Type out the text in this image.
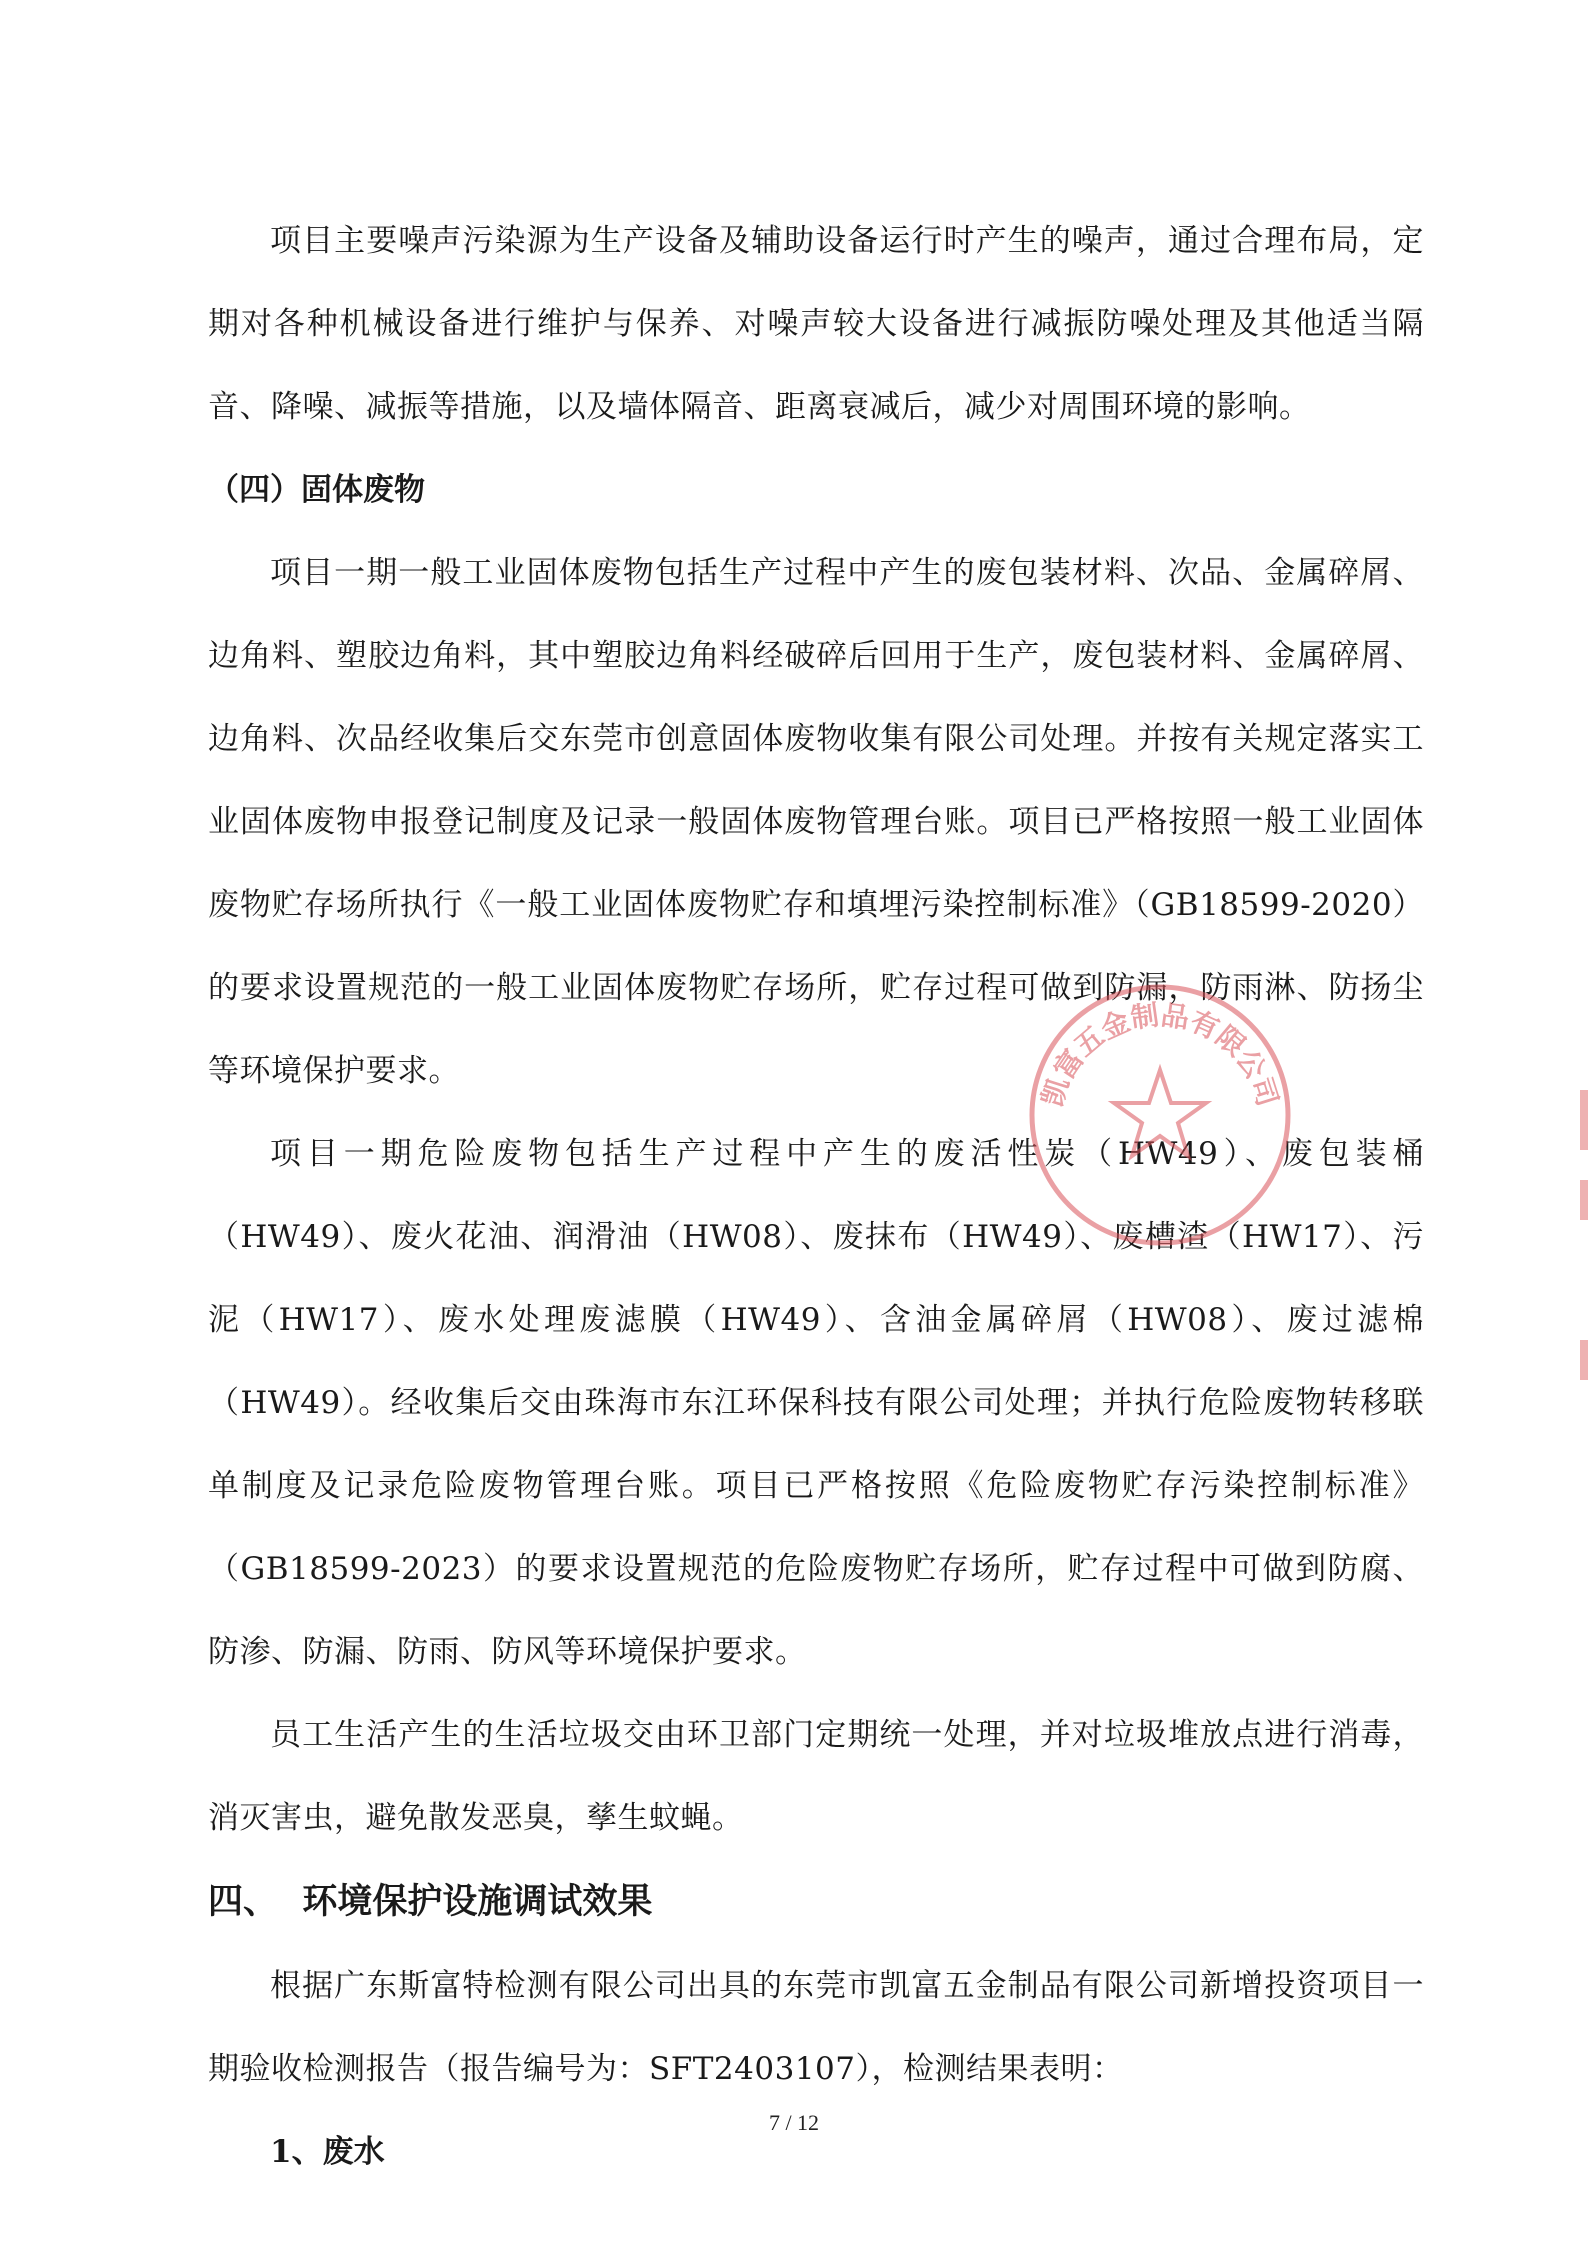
项目主要噪声污染源为生产设备及辅助设备运行时产生的噪声，通过合理布局，定期对各种机械设备进行维护与保养、对噪声较大设备进行减振防噪处理及其他适当隔音、降噪、减振等措施，以及墙体隔音、距离衰减后，减少对周围环境的影响。

（四）固体废物

项目一期一般工业固体废物包括生产过程中产生的废包装材料、次品、金属碎屑、边角料、塑胶边角料，其中塑胶边角料经破碎后回用于生产，废包装材料、金属碎屑、边角料、次品经收集后交东莞市创意固体废物收集有限公司处理。并按有关规定落实工业固体废物申报登记制度及记录一般固体废物管理台账。项目已严格按照一般工业固体废物贮存场所执行《一般工业固体废物贮存和填埋污染控制标准》（GB18599-2020）的要求设置规范的一般工业固体废物贮存场所，贮存过程可做到防漏，防雨淋、防扬尘等环境保护要求。

项目一期危险废物包括生产过程中产生的废活性炭（HW49）、废包装桶（HW49）、废火花油、润滑油（HW08）、废抹布（HW49）、废槽渣（HW17）、污泥（HW17）、废水处理废滤膜（HW49）、含油金属碎屑（HW08）、废过滤棉（HW49）。经收集后交由珠海市东江环保科技有限公司处理；并执行危险废物转移联单制度及记录危险废物管理台账。项目已严格按照《危险废物贮存污染控制标准》（GB18599-2023）的要求设置规范的危险废物贮存场所，贮存过程中可做到防腐、防渗、防漏、防雨、防风等环境保护要求。

员工生活产生的生活垃圾交由环卫部门定期统一处理，并对垃圾堆放点进行消毒，消灭害虫，避免散发恶臭，孳生蚊蝇。

四、  环境保护设施调试效果

根据广东斯富特检测有限公司出具的东莞市凯富五金制品有限公司新增投资项目一期验收检测报告（报告编号为：SFT2403107），检测结果表明：

1、废水

凯富五金制品有限公司
7 / 12
